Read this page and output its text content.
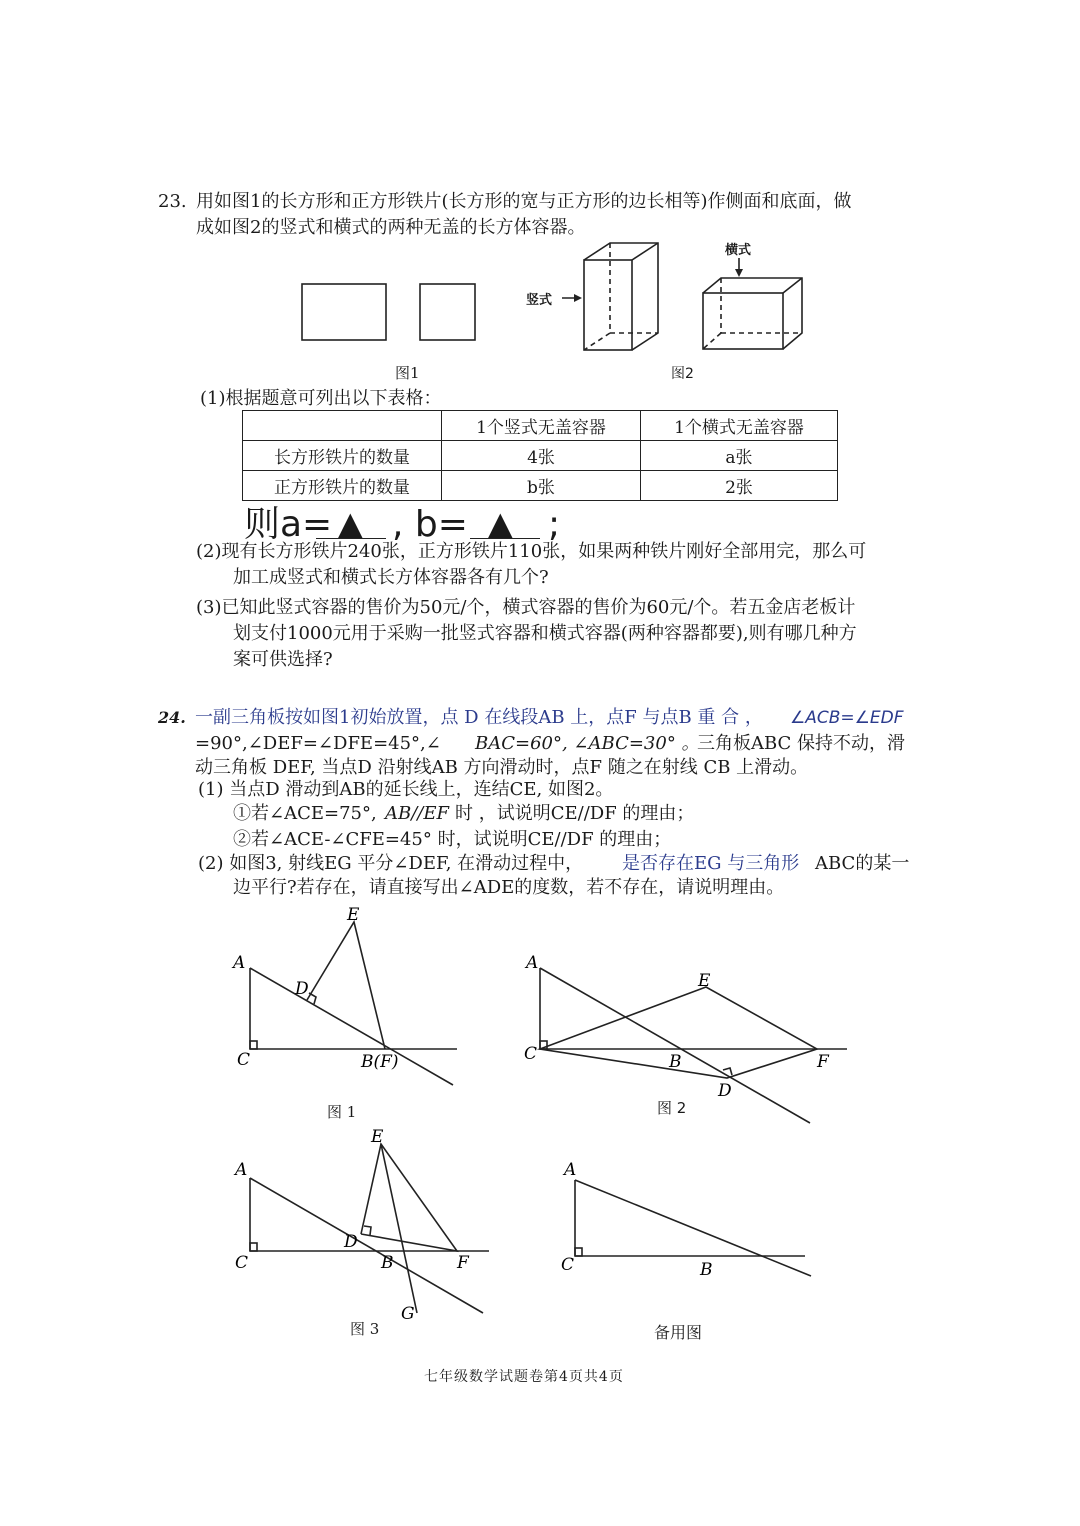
23. 用如图1的长方形和正方形铁片(长方形的宽与正方形的边长相等)作侧面和底面，做
成如图2的竖式和横式的两种无盖的长方体容器。
图1
竖式
横式
图2
(1)根据题意可列出以下表格：
	1个竖式无盖容器	1个横式无盖容器
长方形铁片的数量	4张	a张
正方形铁片的数量	b张	2张
则a= ▲ , b= ▲ ;
(2)现有长方形铁片240张，正方形铁片110张，如果两种铁片刚好全部用完，那么可
加工成竖式和横式长方体容器各有几个?
(3)已知此竖式容器的售价为50元/个，横式容器的售价为60元/个。若五金店老板计
划支付1000元用于采购一批竖式容器和横式容器(两种容器都要),则有哪几种方
案可供选择?
24. 一副三角板按如图1初始放置，点 D 在线段AB 上，点F 与点B 重 合 ， ∠ACB=∠EDF
=90°,∠DEF=∠DFE=45°,∠ BAC=60°, ∠ABC=30° 。
三角板ABC 保持不动，滑
动三角板 DEF, 当点D 沿射线AB 方向滑动时，点F 随之在射线 CB 上滑动。
(1) 当点D 滑动到AB的延长线上，连结CE, 如图2。
①若∠ACE=75°, AB//EF 时 ，试说明CE//DF 的理由；
②若∠ACE-∠CFE=45° 时，试说明CE//DF 的理由；
(2) 如图3, 射线EG 平分∠DEF, 在滑动过程中， 是否存在EG 与三角形 ABC的某一
边平行?若存在，请直接写出∠ADE的度数，若不存在，请说明理由。
A
C
D
E
B(F)
图 1
A
C	B
E
F
D
图 2
A
C
D
E
B	F
G
图 3
A
C	B
备用图
七年级数学试题卷第4页共4页
